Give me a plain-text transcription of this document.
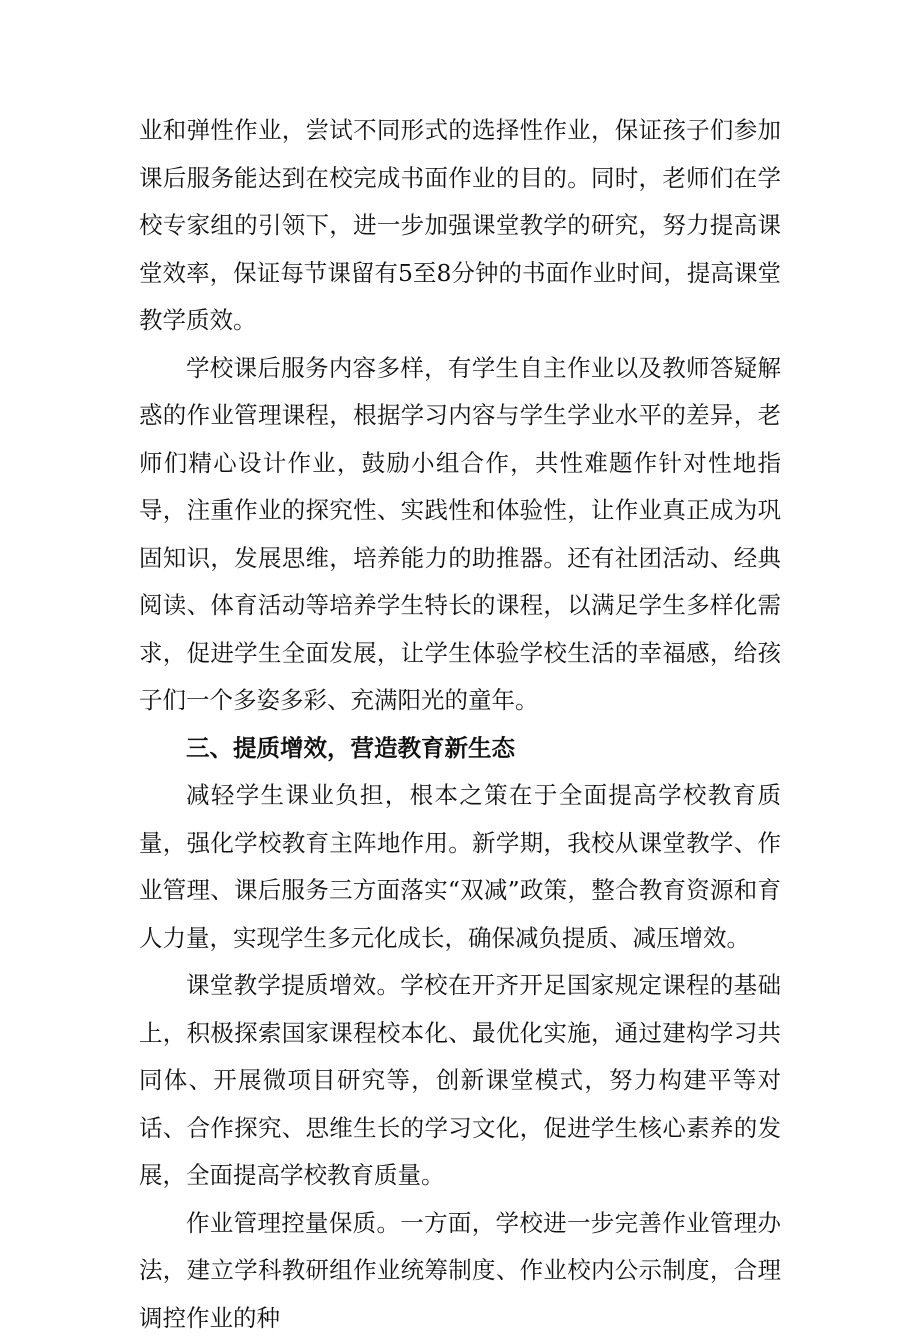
业和弹性作业，尝试不同形式的选择性作业，保证孩子们参加课后服务能达到在校完成书面作业的目的。同时，老师们在学校专家组的引领下，进一步加强课堂教学的研究，努力提高课堂效率，保证每节课留有5至8分钟的书面作业时间，提高课堂教学质效。

学校课后服务内容多样，有学生自主作业以及教师答疑解惑的作业管理课程，根据学习内容与学生学业水平的差异，老师们精心设计作业，鼓励小组合作，共性难题作针对性地指导，注重作业的探究性、实践性和体验性，让作业真正成为巩固知识，发展思维，培养能力的助推器。还有社团活动、经典阅读、体育活动等培养学生特长的课程，以满足学生多样化需求，促进学生全面发展，让学生体验学校生活的幸福感，给孩子们一个多姿多彩、充满阳光的童年。

三、提质增效，营造教育新生态

减轻学生课业负担，根本之策在于全面提高学校教育质量，强化学校教育主阵地作用。新学期，我校从课堂教学、作业管理、课后服务三方面落实“双减”政策，整合教育资源和育人力量，实现学生多元化成长，确保减负提质、减压增效。

课堂教学提质增效。学校在开齐开足国家规定课程的基础上，积极探索国家课程校本化、最优化实施，通过建构学习共同体、开展微项目研究等，创新课堂模式，努力构建平等对话、合作探究、思维生长的学习文化，促进学生核心素养的发展，全面提高学校教育质量。

作业管理控量保质。一方面，学校进一步完善作业管理办法，建立学科教研组作业统筹制度、作业校内公示制度，合理调控作业的种
